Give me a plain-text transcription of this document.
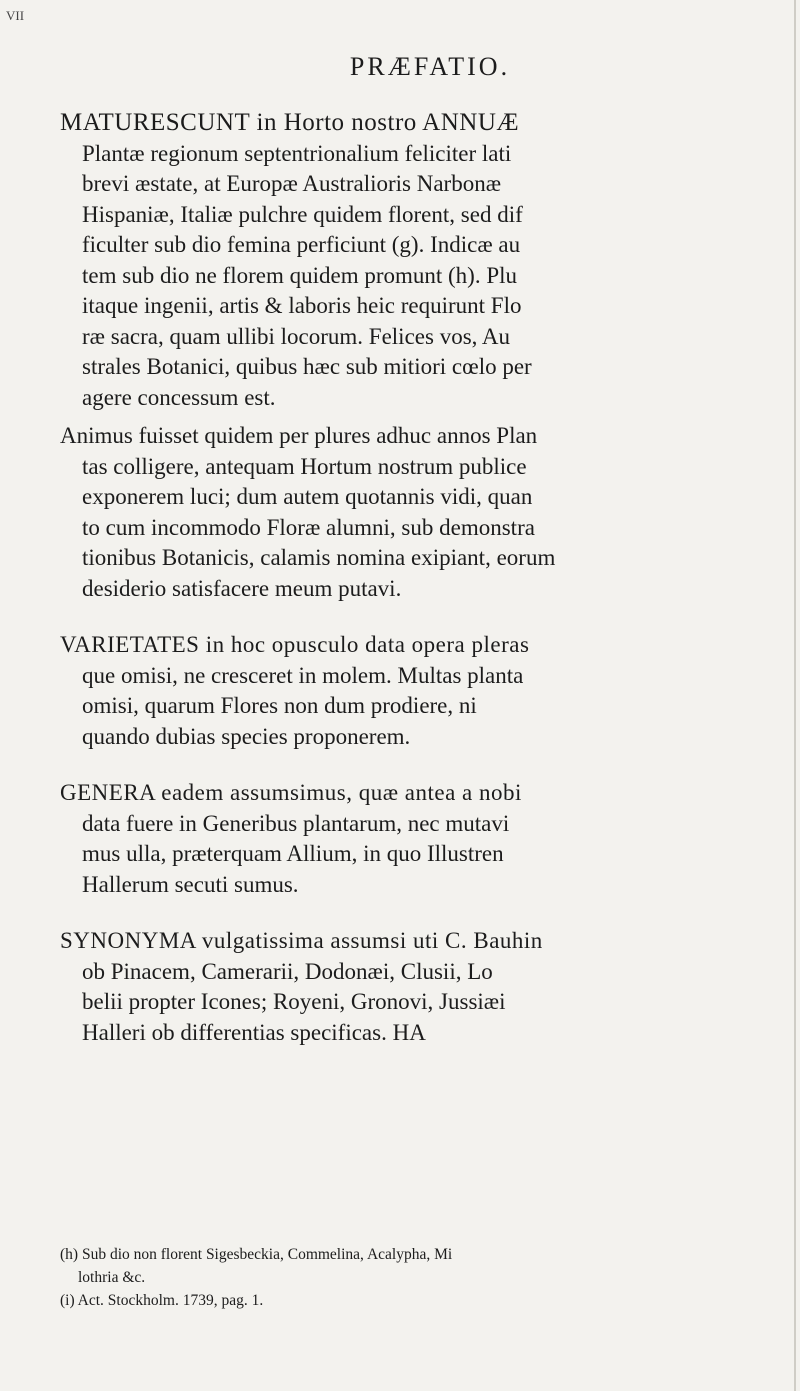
VII
PRÆFATIO.
MATURESCUNT in Horto nostro ANNUÆ
Plantæ regionum septentrionalium feliciter lati
brevi æstate, at Europæ Australioris Narbonæ
Hispaniæ, Italiæ pulchre quidem florent, sed dif
ficulter sub dio femina perficiunt (g). Indicæ au
tem sub dio ne florem quidem promunt (h). Plu
itaque ingenii, artis & laboris heic requirunt Flo
ræ sacra, quam ullibi locorum. Felices vos, Au
strales Botanici, quibus hæc sub mitiori cœlo per
agere concessum est.
Animus fuisset quidem per plures adhuc annos Plan
tas colligere, antequam Hortum nostrum publice
exponerem luci; dum autem quotannis vidi, quan
to cum incommodo Floræ alumni, sub demonstra
tionibus Botanicis, calamis nomina exipiant, eorum
desiderio satisfacere meum putavi.
VARIETATES in hoc opusculo data opera pleras
que omisi, ne cresceret in molem. Multas planta
omisi, quarum Flores non dum prodiere, ni
quando dubias species proponerem.
GENERA eadem assumsimus, quæ antea a nobi
data fuere in Generibus plantarum, nec mutavi
mus ulla, præterquam Allium, in quo Illustren
Hallerum secuti sumus.
SYNONYMA vulgatissima assumsi uti C. Bauhin
ob Pinacem, Camerarii, Dodonæi, Clusii, Lo
belii propter Icones; Royeni, Gronovi, Jussiæi
Halleri ob differentias specificas. HA
(h) Sub dio non florent Sigesbeckia, Commelina, Acalypha, Mi
lothria &c.
(i) Act. Stockholm. 1739, pag. 1.
